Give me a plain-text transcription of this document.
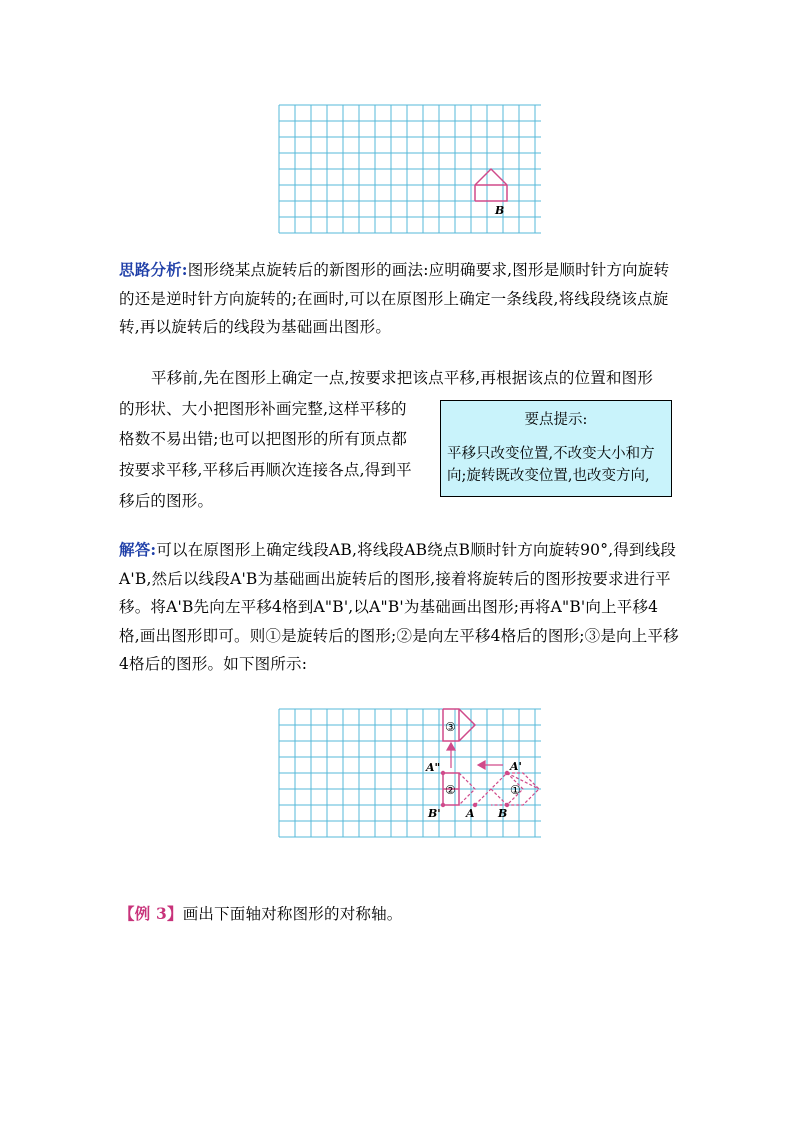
B
思路分析:图形绕某点旋转后的新图形的画法:应明确要求,图形是顺时针方向旋转的还是逆时针方向旋转的;在画时,可以在原图形上确定一条线段,将线段绕该点旋转,再以旋转后的线段为基础画出图形。
平移前,先在图形上确定一点,按要求把该点平移,再根据该点的位置和图形
的形状、大小把图形补画完整,这样平移的
格数不易出错;也可以把图形的所有顶点都
按要求平移,平移后再顺次连接各点,得到平
移后的图形。
要点提示:
平移只改变位置,不改变大小和方向;旋转既改变位置,也改变方向,
解答:可以在原图形上确定线段AB,将线段AB绕点B顺时针方向旋转90°,得到线段A'B,然后以线段A'B为基础画出旋转后的图形,接着将旋转后的图形按要求进行平移。将A'B先向左平移4格到A"B',以A"B'为基础画出图形;再将A"B'向上平移4格,画出图形即可。则①是旋转后的图形;②是向左平移4格后的图形;③是向上平移4格后的图形。如下图所示:
A"	A'
B' A B
③
②	①
【例 3】画出下面轴对称图形的对称轴。
